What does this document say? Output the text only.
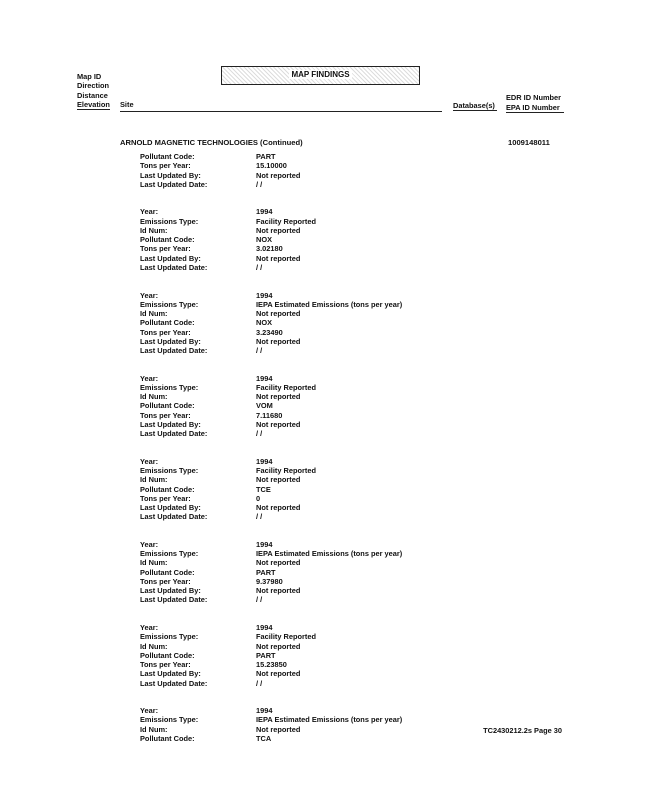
Map ID
Direction
Distance
Elevation Site
MAP FINDINGS
Database(s)
EDR ID Number
EPA ID Number
ARNOLD MAGNETIC TECHNOLOGIES (Continued)	1009148011
Pollutant Code:	PART
Tons per Year:	15.10000
Last Updated By:	Not reported
Last Updated Date:	/ /
Year:	1994
Emissions Type:	Facility Reported
Id Num:	Not reported
Pollutant Code:	NOX
Tons per Year:	3.02180
Last Updated By:	Not reported
Last Updated Date:	/ /
Year:	1994
Emissions Type:	IEPA Estimated Emissions (tons per year)
Id Num:	Not reported
Pollutant Code:	NOX
Tons per Year:	3.23490
Last Updated By:	Not reported
Last Updated Date:	/ /
Year:	1994
Emissions Type:	Facility Reported
Id Num:	Not reported
Pollutant Code:	VOM
Tons per Year:	7.11680
Last Updated By:	Not reported
Last Updated Date:	/ /
Year:	1994
Emissions Type:	Facility Reported
Id Num:	Not reported
Pollutant Code:	TCE
Tons per Year:	0
Last Updated By:	Not reported
Last Updated Date:	/ /
Year:	1994
Emissions Type:	IEPA Estimated Emissions (tons per year)
Id Num:	Not reported
Pollutant Code:	PART
Tons per Year:	9.37980
Last Updated By:	Not reported
Last Updated Date:	/ /
Year:	1994
Emissions Type:	Facility Reported
Id Num:	Not reported
Pollutant Code:	PART
Tons per Year:	15.23850
Last Updated By:	Not reported
Last Updated Date:	/ /
Year:	1994
Emissions Type:	IEPA Estimated Emissions (tons per year)
Id Num:	Not reported
Pollutant Code:	TCA
TC2430212.2s Page 30
